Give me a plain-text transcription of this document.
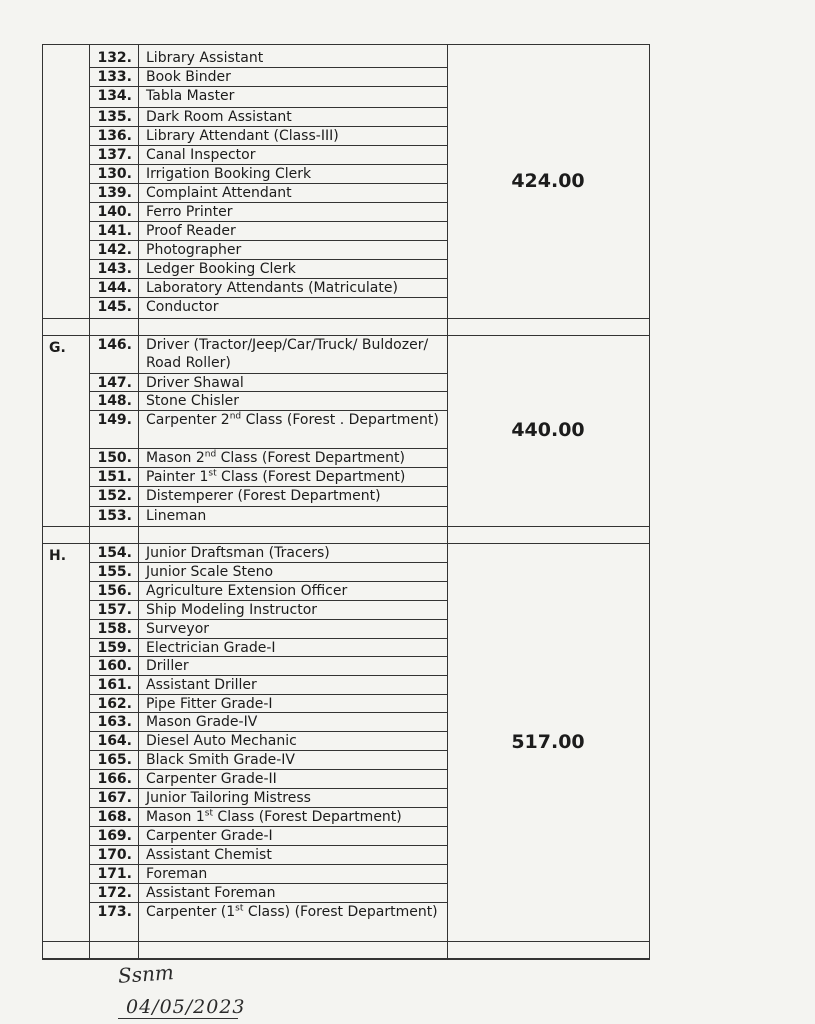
132.	Library Assistant
133.	Book Binder
134.	Tabla Master
135.	Dark Room Assistant
136.	Library Attendant (Class-III)
137.	Canal Inspector
130.	Irrigation Booking Clerk
139.	Complaint Attendant
140.	Ferro Printer
141.	Proof Reader
142.	Photographer
143.	Ledger Booking Clerk
144.	Laboratory Attendants (Matriculate)
145.	Conductor
424.00
G.	146.	Driver (Tractor/Jeep/Car/Truck/ Buldozer/ Road Roller)
147.	Driver Shawal
148.	Stone Chisler
149.	Carpenter 2nd Class (Forest . Department)
150.	Mason 2nd Class (Forest Department)
151.	Painter 1st Class (Forest Department)
152.	Distemperer (Forest Department)
153.	Lineman
440.00
H.	154.	Junior Draftsman (Tracers)
155.	Junior Scale Steno
156.	Agriculture Extension Officer
157.	Ship Modeling Instructor
158.	Surveyor
159.	Electrician Grade-I
160.	Driller
161.	Assistant Driller
162.	Pipe Fitter Grade-I
163.	Mason Grade-IV
164.	Diesel Auto Mechanic
165.	Black Smith Grade-IV
166.	Carpenter Grade-II
167.	Junior Tailoring Mistress
168.	Mason 1st Class (Forest Department)
169.	Carpenter Grade-I
170.	Assistant Chemist
171.	Foreman
172.	Assistant Foreman
173.	Carpenter (1st Class) (Forest Department)
517.00
Ssnm
04/05/2023
